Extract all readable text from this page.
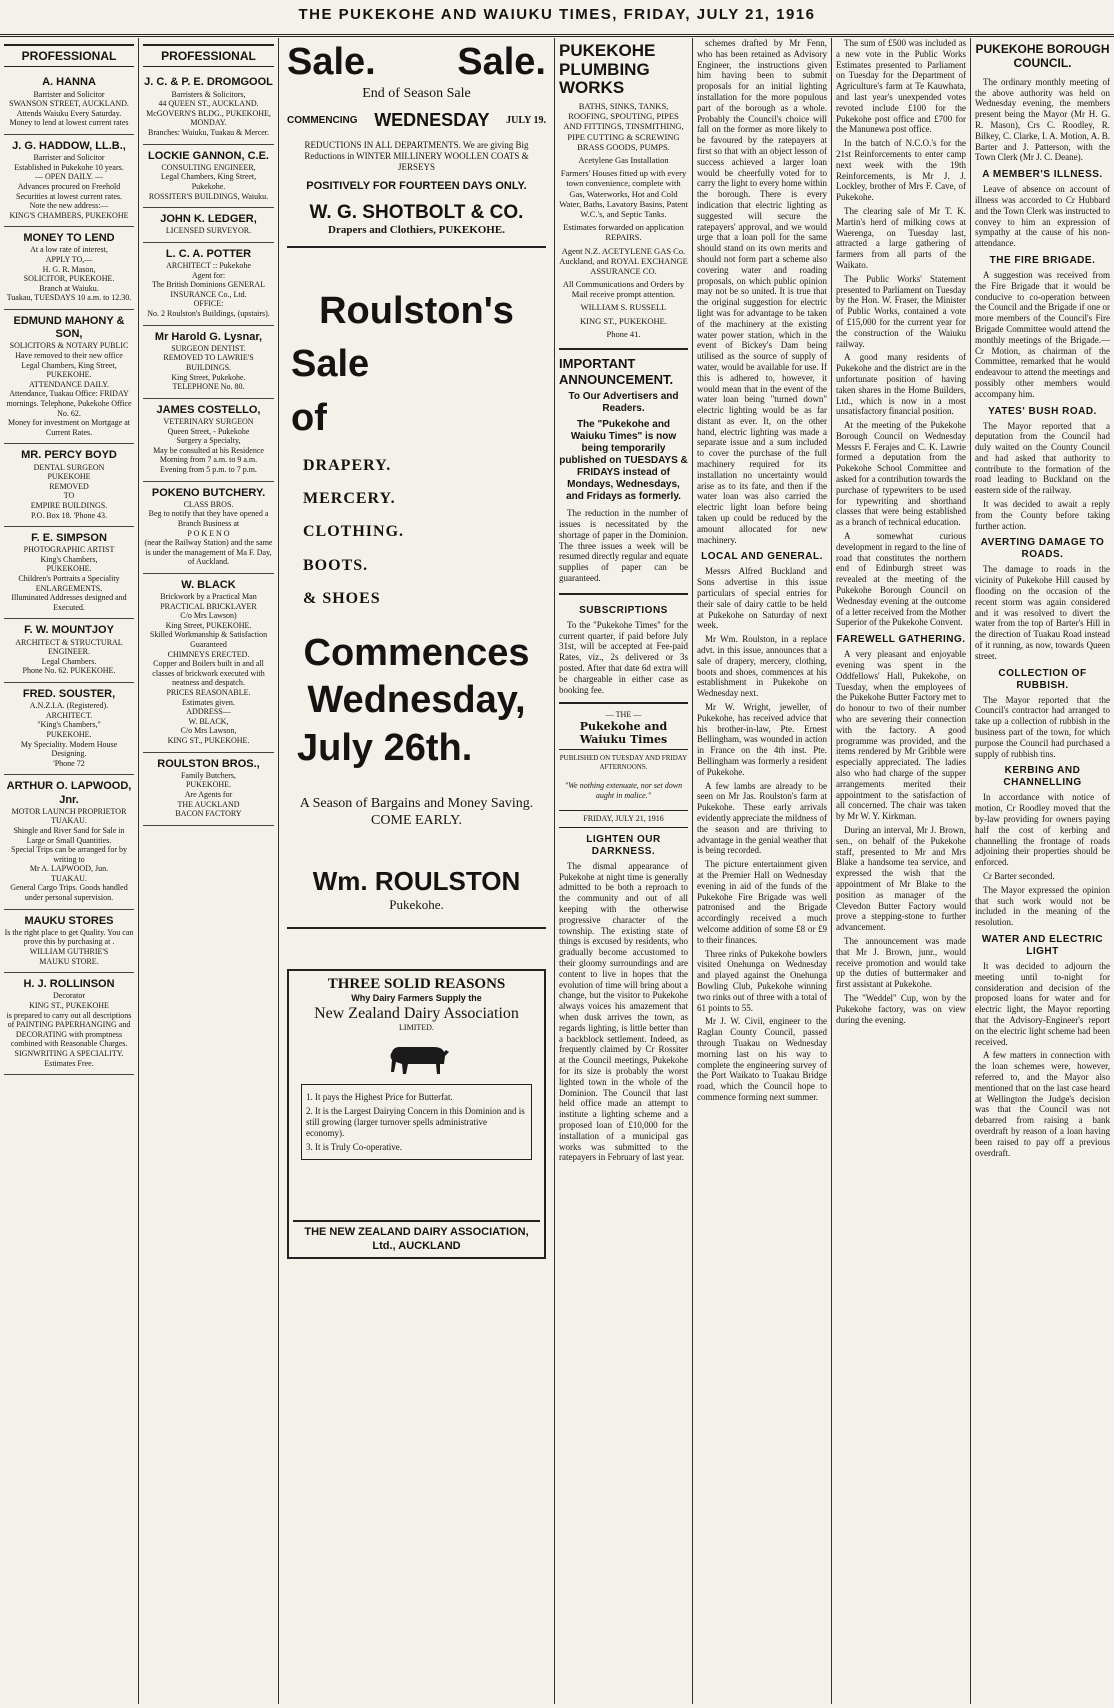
THE PUKEKOHE AND WAIUKU TIMES, FRIDAY, JULY 21, 1916
PROFESSIONAL
A. HANNA
Barrister and Solicitor
SWANSON STREET, AUCKLAND.
Attends Waiuku Every Saturday.
Money to lend at lowest current rates
J. G. HADDOW, LL.B.,
Barrister and Solicitor
Established in Pukekohe 10 years.
— OPEN DAILY. —
Advances procured on Freehold Securities at lowest current rates.
Note the new address:—
KING'S CHAMBERS, PUKEKOHE
MONEY TO LEND
At a low rate of interest,
APPLY TO,—
H. G. R. Mason,
SOLICITOR, PUKEKOHE.
Branch at Waiuku.
Tuakau, TUESDAYS 10 a.m. to 12.30.
EDMUND MAHONY & SON,
SOLICITORS & NOTARY PUBLIC
Have removed to their new office
Legal Chambers, King Street,
PUKEKOHE.
ATTENDANCE DAILY.
Attendance, Tuakau Office: FRIDAY mornings. Telephone, Pukekohe Office No. 62.
Money for investment on Mortgage at Current Rates.
MR. PERCY BOYD
DENTAL SURGEON
PUKEKOHE
REMOVED
TO
EMPIRE BUILDINGS.
P.O. Box 18. 'Phone 43.
F. E. SIMPSON
PHOTOGRAPHIC ARTIST
King's Chambers,
PUKEKOHE.
Children's Portraits a Speciality
ENLARGEMENTS.
Illuminated Addresses designed and Executed.
F. W. MOUNTJOY
ARCHITECT & STRUCTURAL ENGINEER.
Legal Chambers.
Phone No. 62. PUKEKOHE.
FRED. SOUSTER,
A.N.Z.I.A. (Registered).
ARCHITECT.
"King's Chambers,"
PUKEKOHE.
My Speciality. Modern House Designing.
'Phone 72
ARTHUR O. LAPWOOD, Jnr.
MOTOR LAUNCH PROPRIETOR
TUAKAU.
Shingle and River Sand for Sale in Large or Small Quantities.
Special Trips can be arranged for by writing to
Mr A. LAPWOOD, Jun.
TUAKAU.
General Cargo Trips. Goods handled under personal supervision.
MAUKU STORES
Is the right place to get Quality. You can prove this by purchasing at .
WILLIAM GUTHRIE'S
MAUKU STORE.
H. J. ROLLINSON
Decorator
KING ST., PUKEKOHE
is prepared to carry out all descriptions of PAINTING PAPERHANGING and DECORATING with promptness combined with Reasonable Charges.
SIGNWRITING A SPECIALITY.
Estimates Free.
PROFESSIONAL
J. C. & P. E. DROMGOOL
Barristers & Solicitors,
44 QUEEN ST., AUCKLAND.
McGOVERN'S BLDG., PUKEKOHE, MONDAY.
Branches: Waiuku, Tuakau & Mercer.
LOCKIE GANNON, C.E.
CONSULTING ENGINEER,
Legal Chambers, King Street,
Pukekohe.
ROSSITER'S BUILDINGS, Waiuku.
JOHN K. LEDGER,
LICENSED SURVEYOR.
L. C. A. POTTER
ARCHITECT :: Pukekohe
Agent for:
The British Dominions GENERAL INSURANCE Co., Ltd.
OFFICE:
No. 2 Roulston's Buildings, (upstairs).
Mr Harold G. Lysnar,
SURGEON DENTIST.
REMOVED TO LAWRIE'S BUILDINGS.
King Street, Pukekohe.
TELEPHONE No. 80.
JAMES COSTELLO,
VETERINARY SURGEON
Queen Street, - Pukekohe
Surgery a Specialty,
May be consulted at his Residence
Morning from 7 a.m. to 9 a.m.
Evening from 5 p.m. to 7 p.m.
POKENO BUTCHERY.
CLASS BROS.
Beg to notify that they have opened a Branch Business at
P O K E N O
(near the Railway Station) and the same is under the management of Ma F. Day, of Auckland.
W. BLACK
Brickwork by a Practical Man
PRACTICAL BRICKLAYER
C/o Mrs Lawson)
King Street, PUKEKOHE.
Skilled Workmanship & Satisfaction Guaranteed
CHIMNEYS ERECTED.
Copper and Boilers built in and all classes of brickwork executed with neatness and despatch.
PRICES REASONABLE.
Estimates given.
ADDRESS—
W. BLACK,
C/o Mrs Lawson,
KING ST., PUKEKOHE.
ROULSTON BROS.,
Family Butchers,
PUKEKOHE.
Are Agents for
THE AUCKLAND
BACON FACTORY
Sale. Sale.
End of Season Sale
COMMENCING WEDNESDAY JULY 19.
REDUCTIONS IN ALL DEPARTMENTS. We are giving Big Reductions in WINTER MILLINERY WOOLLEN COATS & JERSEYS
POSITIVELY FOR FOURTEEN DAYS ONLY.
W. G. SHOTBOLT & CO.
Drapers and Clothiers, PUKEKOHE.
Roulston's
Sale
of
DRAPERY.
MERCERY.
CLOTHING.
BOOTS.
& SHOES
Commences
Wednesday,
July 26th.
A Season of Bargains and Money Saving. COME EARLY.
Wm. ROULSTON
Pukekohe.
THREE SOLID REASONS
Why Dairy Farmers Supply the
New Zealand Dairy Association
LIMITED.
1. It pays the Highest Price for Butterfat.
2. It is the Largest Dairying Concern in this Dominion and is still growing (larger turnover spells administrative economy).
3. It is Truly Co-operative.
THE NEW ZEALAND DAIRY ASSOCIATION, Ltd., AUCKLAND
PUKEKOHE PLUMBING WORKS
BATHS, SINKS, TANKS, ROOFING, SPOUTING, PIPES AND FITTINGS, TINSMITHING, PIPE CUTTING & SCREWING BRASS GOODS, PUMPS.
Acetylene Gas Installation
Farmers' Houses fitted up with every town convenience, complete with Gas, Waterworks, Hot and Cold Water, Baths, Lavatory Basins, Patent W.C.'s, and Septic Tanks.
Estimates forwarded on application REPAIRS.
Agent N.Z. ACETYLENE GAS Co. Auckland, and ROYAL EXCHANGE ASSURANCE CO.
All Communications and Orders by Mail receive prompt attention.
WILLIAM S. RUSSELL
KING ST., PUKEKOHE.
Phone 41.
IMPORTANT ANNOUNCEMENT.
To Our Advertisers and Readers.
The "Pukekohe and Waiuku Times" is now being temporarily published on TUESDAYS & FRIDAYS instead of Mondays, Wednesdays, and Fridays as formerly.

The reduction in the number of issues is necessitated by the shortage of paper in the Dominion. The three issues a week will be resumed directly regular and equate supplies of paper can be guaranteed.

SUBSCRIPTIONS

To the "Pukekohe Times" for the current quarter, if paid before July 31st, will be accepted at Fee-paid Rates, viz., 2s delivered or 3s posted. After that date 6d extra will be chargeable in either case as booking fee.

— THE —
Pukekohe and Waiuku Times
PUBLISHED ON TUESDAY AND FRIDAY AFTERNOONS.
"We nothing extenuate, nor set down aught in malice."
FRIDAY, JULY 21, 1916
LIGHTEN OUR DARKNESS.

The dismal appearance of Pukekohe at night time is generally admitted to be both a reproach to the community and out of all keeping with the otherwise progressive character of the township. The existing state of things is excused by residents, who gradually become accustomed to their gloomy surroundings and are content to live in hopes that the evolution of time will bring about a change, but the visitor to Pukekohe always voices his amazement that when dusk arrives the town, as regards lighting, is little better than a backblock settlement. Indeed, as frequently claimed by Cr Rossiter at the Council meetings, Pukekohe for its size is probably the worst lighted town in the whole of the Dominion. The Council that last held office made an attempt to institute a lighting scheme and a proposed loan of £10,000 for the installation of a municipal gas works was submitted to the ratepayers in February of last year.

schemes drafted by Mr Fenn, who has been retained as Advisory Engineer, the instructions given him having been to submit proposals for an initial lighting installation for the more populous part of the borough as a whole. Probably the Council's choice will fall on the former as more likely to be favoured by the ratepayers at first so that with an object lesson of success achieved a larger loan would be cheerfully voted for to carry the light to every home within the borough. There is every indication that electric lighting as suggested will secure the ratepayers' approval, and we would urge that a loan poll for the same should stand on its own merits and should not form part a scheme also covering water and roading proposals, on which public opinion may not be so united. It is true that the original suggestion for electric light was for advantage to be taken of the machinery at the existing water power station, which in the event of Bickey's Dam being utilised as the source of supply of water, would be available for use. If this is adhered to, however, it would mean that in the event of the water loan being "turned down" electric lighting would be as far distant as ever. It, on the other hand, electric lighting was made a separate issue and a sum included to cover the purchase of the full machinery required for its installation no uncertainty would arise as to its fate, and then if the water loan was also carried the electric light loan before being taken up could be reduced by the amount allocated for new machinery.

LOCAL AND GENERAL.

Messrs Alfred Buckland and Sons advertise in this issue particulars of special entries for their sale of dairy cattle to be held at Pukekohe on Saturday of next week.

Mr Wm. Roulston, in a replace advt. in this issue, announces that a sale of drapery, mercery, clothing, boots and shoes, commences at his establishment in Pukekohe on Wednesday next.

Mr W. Wright, jeweller, of Pukekohe, has received advice that his brother-in-law, Pte. Ernest Bellingham, was wounded in action in France on the 4th inst. Pte. Bellingham was formerly a resident of Pukekohe.

A few lambs are already to be seen on Mr Jas. Roulston's farm at Pukekohe. These early arrivals evidently appreciate the mildness of the season and are thriving to advantage in the genial weather that is being recorded.

The picture entertainment given at the Premier Hall on Wednesday evening in aid of the funds of the Pukekohe Fire Brigade was well patronised and the Brigade accordingly received a much welcome addition of some £8 or £9 to their finances.

Three rinks of Pukekohe bowlers visited Onehunga on Wednesday and played against the Onehunga Bowling Club, Pukekohe winning two rinks out of three with a total of 61 points to 55.

Mr J. W. Civil, engineer to the Raglan County Council, passed through Tuakau on Wednesday morning last on his way to complete the engineering survey of the Port Waikato to Tuakau Bridge road, which the Council hope to commence forming next summer.

The sum of £500 was included as a new vote in the Public Works Estimates presented to Parliament on Tuesday for the Department of Agriculture's farm at Te Kauwhata, and last year's unexpended votes revoted include £100 for the Pukekohe post office and £700 for the Manunewa post office.

In the batch of N.C.O.'s for the 21st Reinforcements to enter camp next week with the 19th Reinforcements, is Mr J. J. Lockley, brother of Mrs F. Cave, of Pukekohe.

The clearing sale of Mr T. K. Martin's herd of milking cows at Waerenga, on Tuesday last, attracted a large gathering of farmers from all parts of the Waikato.

The Public Works' Statement presented to Parliament on Tuesday by the Hon. W. Fraser, the Minister of Public Works, contained a vote of £15,000 for the current year for the construction of the Waiuku railway.

A good many residents of Pukekohe and the district are in the unfortunate position of having taken shares in the Home Builders, Ltd., which is now in a most unsatisfactory financial position.

At the meeting of the Pukekohe Borough Council on Wednesday Messrs F. Ferajes and C. K. Lawrie formed a deputation from the Pukekohe School Committee and asked for a contribution towards the purchase of typewriters to be used for typewriting and shorthand classes that were being established as a branch of technical education.

A somewhat curious development in regard to the line of road that constitutes the northern end of Edinburgh street was revealed at the meeting of the Pukekohe Borough Council on Wednesday evening at the outcome of a letter received from the Mother Superior of the Pukekohe Convent.

FAREWELL GATHERING.

A very pleasant and enjoyable evening was spent in the Oddfellows' Hall, Pukekohe, on Tuesday, when the employees of the Pukekohe Butter Factory met to do honour to two of their number who are severing their connection with the factory. A good programme was provided, and the items rendered by Mr Gribble were especially appreciated. The ladies also who had charge of the supper arrangements merited their appointment to the satisfaction of all concerned. The chair was taken by Mr W. Y. Kirkman.

During an interval, Mr J. Brown, sen., on behalf of the Pukekohe staff, presented to Mr and Mrs Blake a handsome tea service, and expressed the wish that the appointment of Mr Blake to the position as manager of the Clevedon Butter Factory would prove a stepping-stone to further advancement.

The announcement was made that Mr J. Brown, junr., would receive promotion and would take up the duties of buttermaker and first assistant at Pukekohe.

The "Weddel" Cup, won by the Pukekohe factory, was on view during the evening.

PUKEKOHE BOROUGH COUNCIL.

The ordinary monthly meeting of the above authority was held on Wednesday evening, the members present being the Mayor (Mr H. G. R. Mason), Crs C. Roodley, R. Bilkey, C. Clarke, I. A. Motion, A. B. Barter and J. Patterson, with the Town Clerk (Mr J. C. Deane).

A MEMBER'S ILLNESS.

Leave of absence on account of illness was accorded to Cr Hubbard and the Town Clerk was instructed to convey to him an expression of sympathy at the cause of his non-attendance.

THE FIRE BRIGADE.

A suggestion was received from the Fire Brigade that it would be conducive to co-operation between the Council and the Brigade if one or more members of the Council's Fire Brigade Committee would attend the monthly meetings of the Brigade.—Cr Motion, as chairman of the Committee, remarked that he would endeavour to attend the meetings and possibly other members would accompany him.

YATES' BUSH ROAD.

The Mayor reported that a deputation from the Council had duly waited on the County Council and had asked that authority to contribute to the formation of the road leading to Buckland on the eastern side of the railway.

It was decided to await a reply from the County before taking further action.

AVERTING DAMAGE TO ROADS.

The damage to roads in the vicinity of Pukekohe Hill caused by flooding on the occasion of the recent storm was again considered and it was resolved to divert the water from the top of Barter's Hill in the direction of Tuakau Road instead of it running, as now, towards Queen street.

COLLECTION OF RUBBISH.

The Mayor reported that the Council's contractor had arranged to take up a collection of rubbish in the business part of the town, for which purpose the Council had purchased a supply of rubbish tins.

KERBING AND CHANNELLING

In accordance with notice of motion, Cr Roodley moved that the by-law providing for owners paying half the cost of kerbing and channelling the frontage of roads adjoining their properties should be enforced.

Cr Barter seconded.

The Mayor expressed the opinion that such work would not be included in the meaning of the resolution.

WATER AND ELECTRIC LIGHT

It was decided to adjourn the meeting until to-night for consideration and decision of the proposed loans for water and for electric light, the Mayor reporting that the Advisory-Engineer's report on the electric light scheme had been received.

A few matters in connection with the loan schemes were, however, referred to, and the Mayor also mentioned that on the last case heard at Wellington the Judge's decision was that the Council was not debarred from raising a bank overdraft by reason of a loan having been raised to pay off a previous overdraft.
